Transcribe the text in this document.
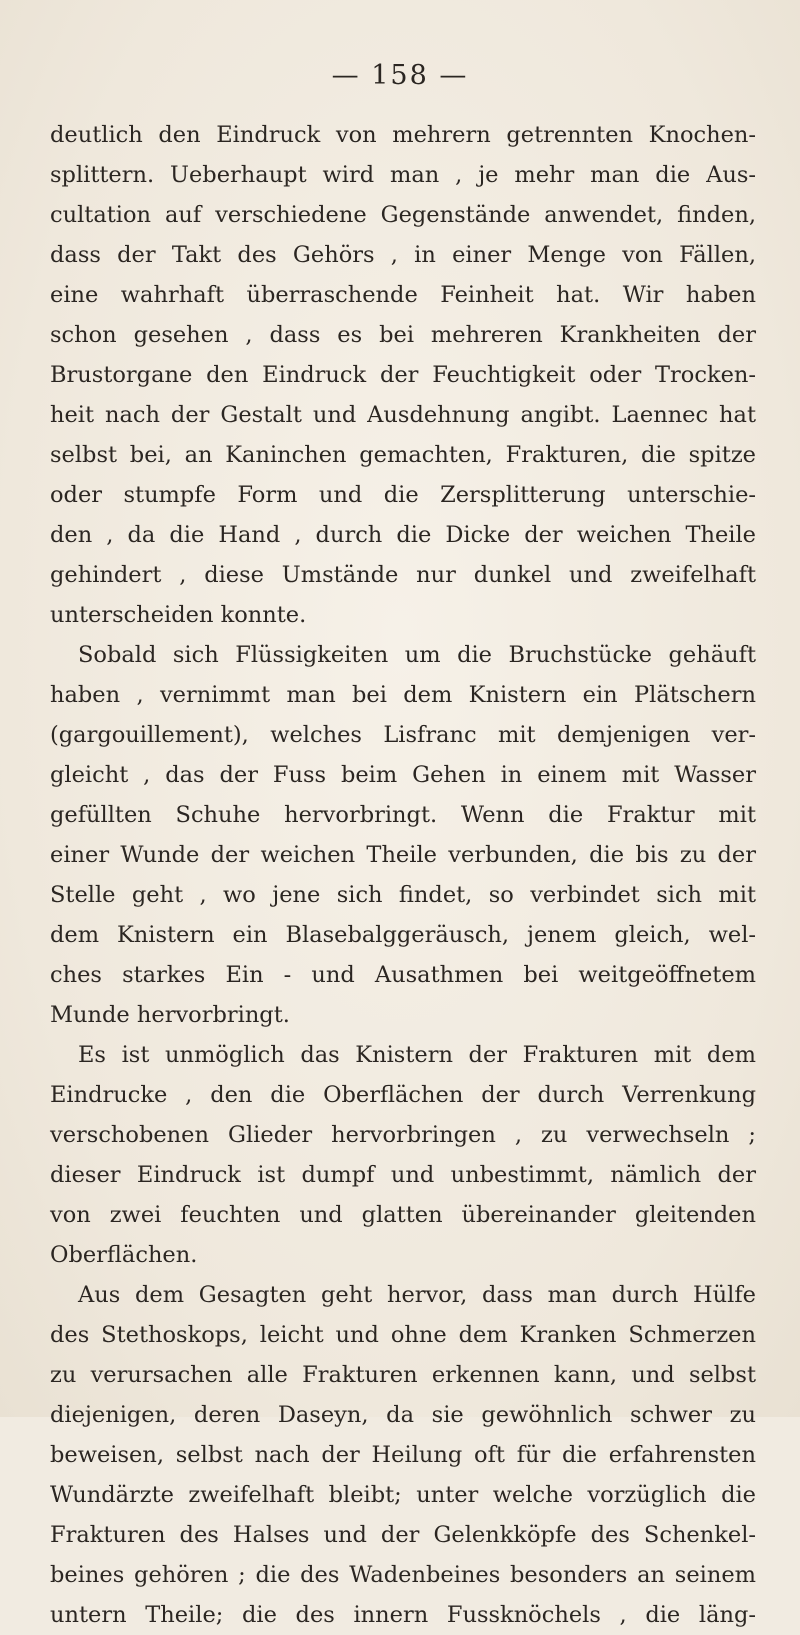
— 158 —
deutlich den Eindruck von mehrern getrennten Knochen-
splittern. Ueberhaupt wird man , je mehr man die Aus-
cultation auf verschiedene Gegenstände anwendet, finden,
dass der Takt des Gehörs , in einer Menge von Fällen,
eine wahrhaft überraschende Feinheit hat. Wir haben
schon gesehen , dass es bei mehreren Krankheiten der
Brustorgane den Eindruck der Feuchtigkeit oder Trocken-
heit nach der Gestalt und Ausdehnung angibt. Laennec hat
selbst bei, an Kaninchen gemachten, Frakturen, die spitze
oder stumpfe Form und die Zersplitterung unterschie-
den , da die Hand , durch die Dicke der weichen Theile
gehindert , diese Umstände nur dunkel und zweifelhaft
unterscheiden konnte.
Sobald sich Flüssigkeiten um die Bruchstücke gehäuft
haben , vernimmt man bei dem Knistern ein Plätschern
(gargouillement), welches Lisfranc mit demjenigen ver-
gleicht , das der Fuss beim Gehen in einem mit Wasser
gefüllten Schuhe hervorbringt. Wenn die Fraktur mit
einer Wunde der weichen Theile verbunden, die bis zu der
Stelle geht , wo jene sich findet, so verbindet sich mit
dem Knistern ein Blasebalggeräusch, jenem gleich, wel-
ches starkes Ein - und Ausathmen bei weitgeöffnetem
Munde hervorbringt.
Es ist unmöglich das Knistern der Frakturen mit dem
Eindrucke , den die Oberflächen der durch Verrenkung
verschobenen Glieder hervorbringen , zu verwechseln ;
dieser Eindruck ist dumpf und unbestimmt, nämlich der
von zwei feuchten und glatten übereinander gleitenden
Oberflächen.
Aus dem Gesagten geht hervor, dass man durch Hülfe
des Stethoskops, leicht und ohne dem Kranken Schmerzen
zu verursachen alle Frakturen erkennen kann, und selbst
diejenigen, deren Daseyn, da sie gewöhnlich schwer zu
beweisen, selbst nach der Heilung oft für die erfahrensten
Wundärzte zweifelhaft bleibt; unter welche vorzüglich die
Frakturen des Halses und der Gelenkköpfe des Schenkel-
beines gehören ; die des Wadenbeines besonders an seinem
untern Theile; die des innern Fussknöchels , die läng-
